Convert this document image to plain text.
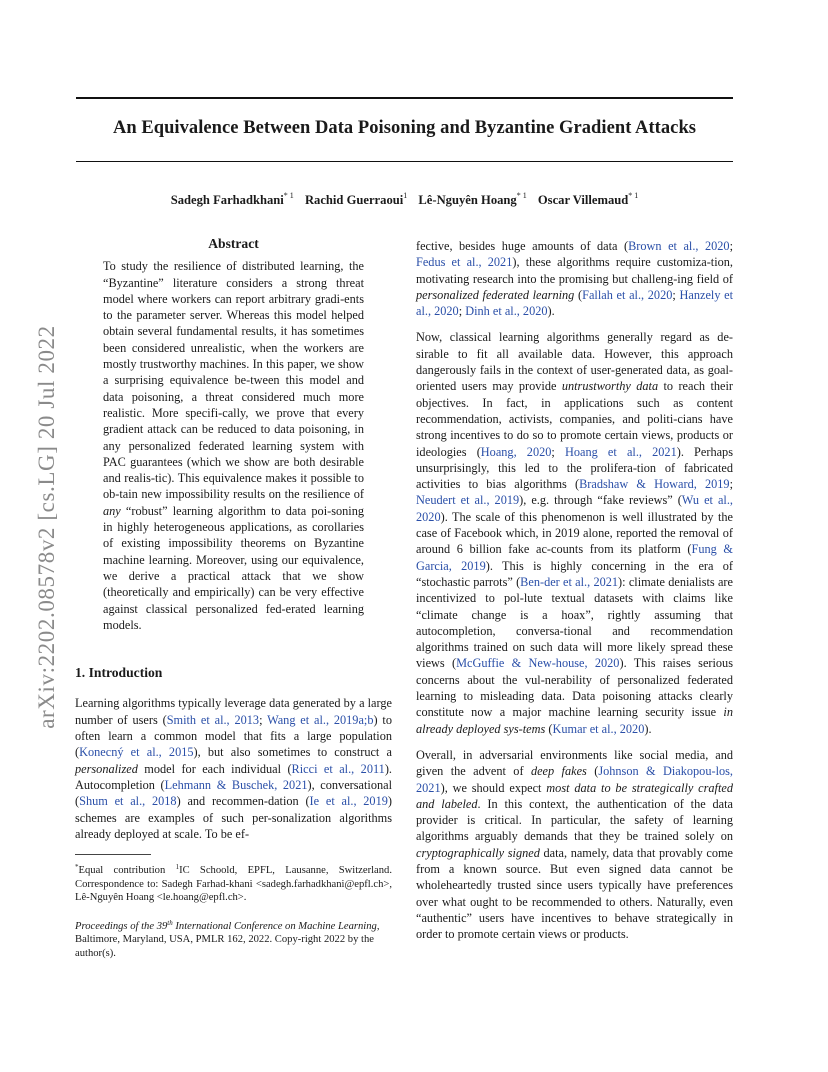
arXiv:2202.08578v2 [cs.LG] 20 Jul 2022
An Equivalence Between Data Poisoning and Byzantine Gradient Attacks
Sadegh Farhadkhani$^{* 1}$ Rachid Guerraoui$^1$ Lê-Nguyên Hoang$^{* 1}$ Oscar Villemaud$^{* 1}$
Abstract

To study the resilience of distributed learning, the “Byzantine” literature considers a strong threat model where workers can report arbitrary gradi-ents to the parameter server. Whereas this model helped obtain several fundamental results, it has sometimes been considered unrealistic, when the workers are mostly trustworthy machines. In this paper, we show a surprising equivalence be-tween this model and data poisoning, a threat considered much more realistic. More specifi-cally, we prove that every gradient attack can be reduced to data poisoning, in any personalized federated learning system with PAC guarantees (which we show are both desirable and realis-tic). This equivalence makes it possible to ob-tain new impossibility results on the resilience of any “robust” learning algorithm to data poi-soning in highly heterogeneous applications, as corollaries of existing impossibility theorems on Byzantine machine learning. Moreover, using our equivalence, we derive a practical attack that we show (theoretically and empirically) can be very effective against classical personalized fed-erated learning models.

1. Introduction

Learning algorithms typically leverage data generated by a large number of users (Smith et al., 2013; Wang et al., 2019a;b) to often learn a common model that fits a large population (Konecný et al., 2015), but also sometimes to construct a personalized model for each individual (Ricci et al., 2011). Autocompletion (Lehmann & Buschek, 2021), conversational (Shum et al., 2018) and recommen-dation (Ie et al., 2019) schemes are examples of such per-sonalization algorithms already deployed at scale. To be ef-

*Equal contribution $^1$IC Schoold, EPFL, Lausanne, Switzerland. Correspondence to: Sadegh Farhad-khani <sadegh.farhadkhani@epfl.ch>, Lê-Nguyên Hoang <le.hoang@epfl.ch>.

Proceedings of the 39th International Conference on Machine Learning, Baltimore, Maryland, USA, PMLR 162, 2022. Copy-right 2022 by the author(s).

fective, besides huge amounts of data (Brown et al., 2020; Fedus et al., 2021), these algorithms require customiza-tion, motivating research into the promising but challeng-ing field of personalized federated learning (Fallah et al., 2020; Hanzely et al., 2020; Dinh et al., 2020).

Now, classical learning algorithms generally regard as de-sirable to fit all available data. However, this approach dangerously fails in the context of user-generated data, as goal-oriented users may provide untrustworthy data to reach their objectives. In fact, in applications such as content recommendation, activists, companies, and politi-cians have strong incentives to do so to promote certain views, products or ideologies (Hoang, 2020; Hoang et al., 2021). Perhaps unsurprisingly, this led to the prolifera-tion of fabricated activities to bias algorithms (Bradshaw & Howard, 2019; Neudert et al., 2019), e.g. through “fake reviews” (Wu et al., 2020). The scale of this phenomenon is well illustrated by the case of Facebook which, in 2019 alone, reported the removal of around 6 billion fake ac-counts from its platform (Fung & Garcia, 2019). This is highly concerning in the era of “stochastic parrots” (Ben-der et al., 2021): climate denialists are incentivized to pol-lute textual datasets with claims like “climate change is a hoax”, rightly assuming that autocompletion, conversa-tional and recommendation algorithms trained on such data will more likely spread these views (McGuffie & New-house, 2020). This raises serious concerns about the vul-nerability of personalized federated learning to misleading data. Data poisoning attacks clearly constitute now a major machine learning security issue in already deployed sys-tems (Kumar et al., 2020).

Overall, in adversarial environments like social media, and given the advent of deep fakes (Johnson & Diakopou-los, 2021), we should expect most data to be strategically crafted and labeled. In this context, the authentication of the data provider is critical. In particular, the safety of learning algorithms arguably demands that they be trained solely on cryptographically signed data, namely, data that provably come from a known source. But even signed data cannot be wholeheartedly trusted since users typically have preferences over what ought to be recommended to others. Naturally, even “authentic” users have incentives to behave strategically in order to promote certain views or products.
